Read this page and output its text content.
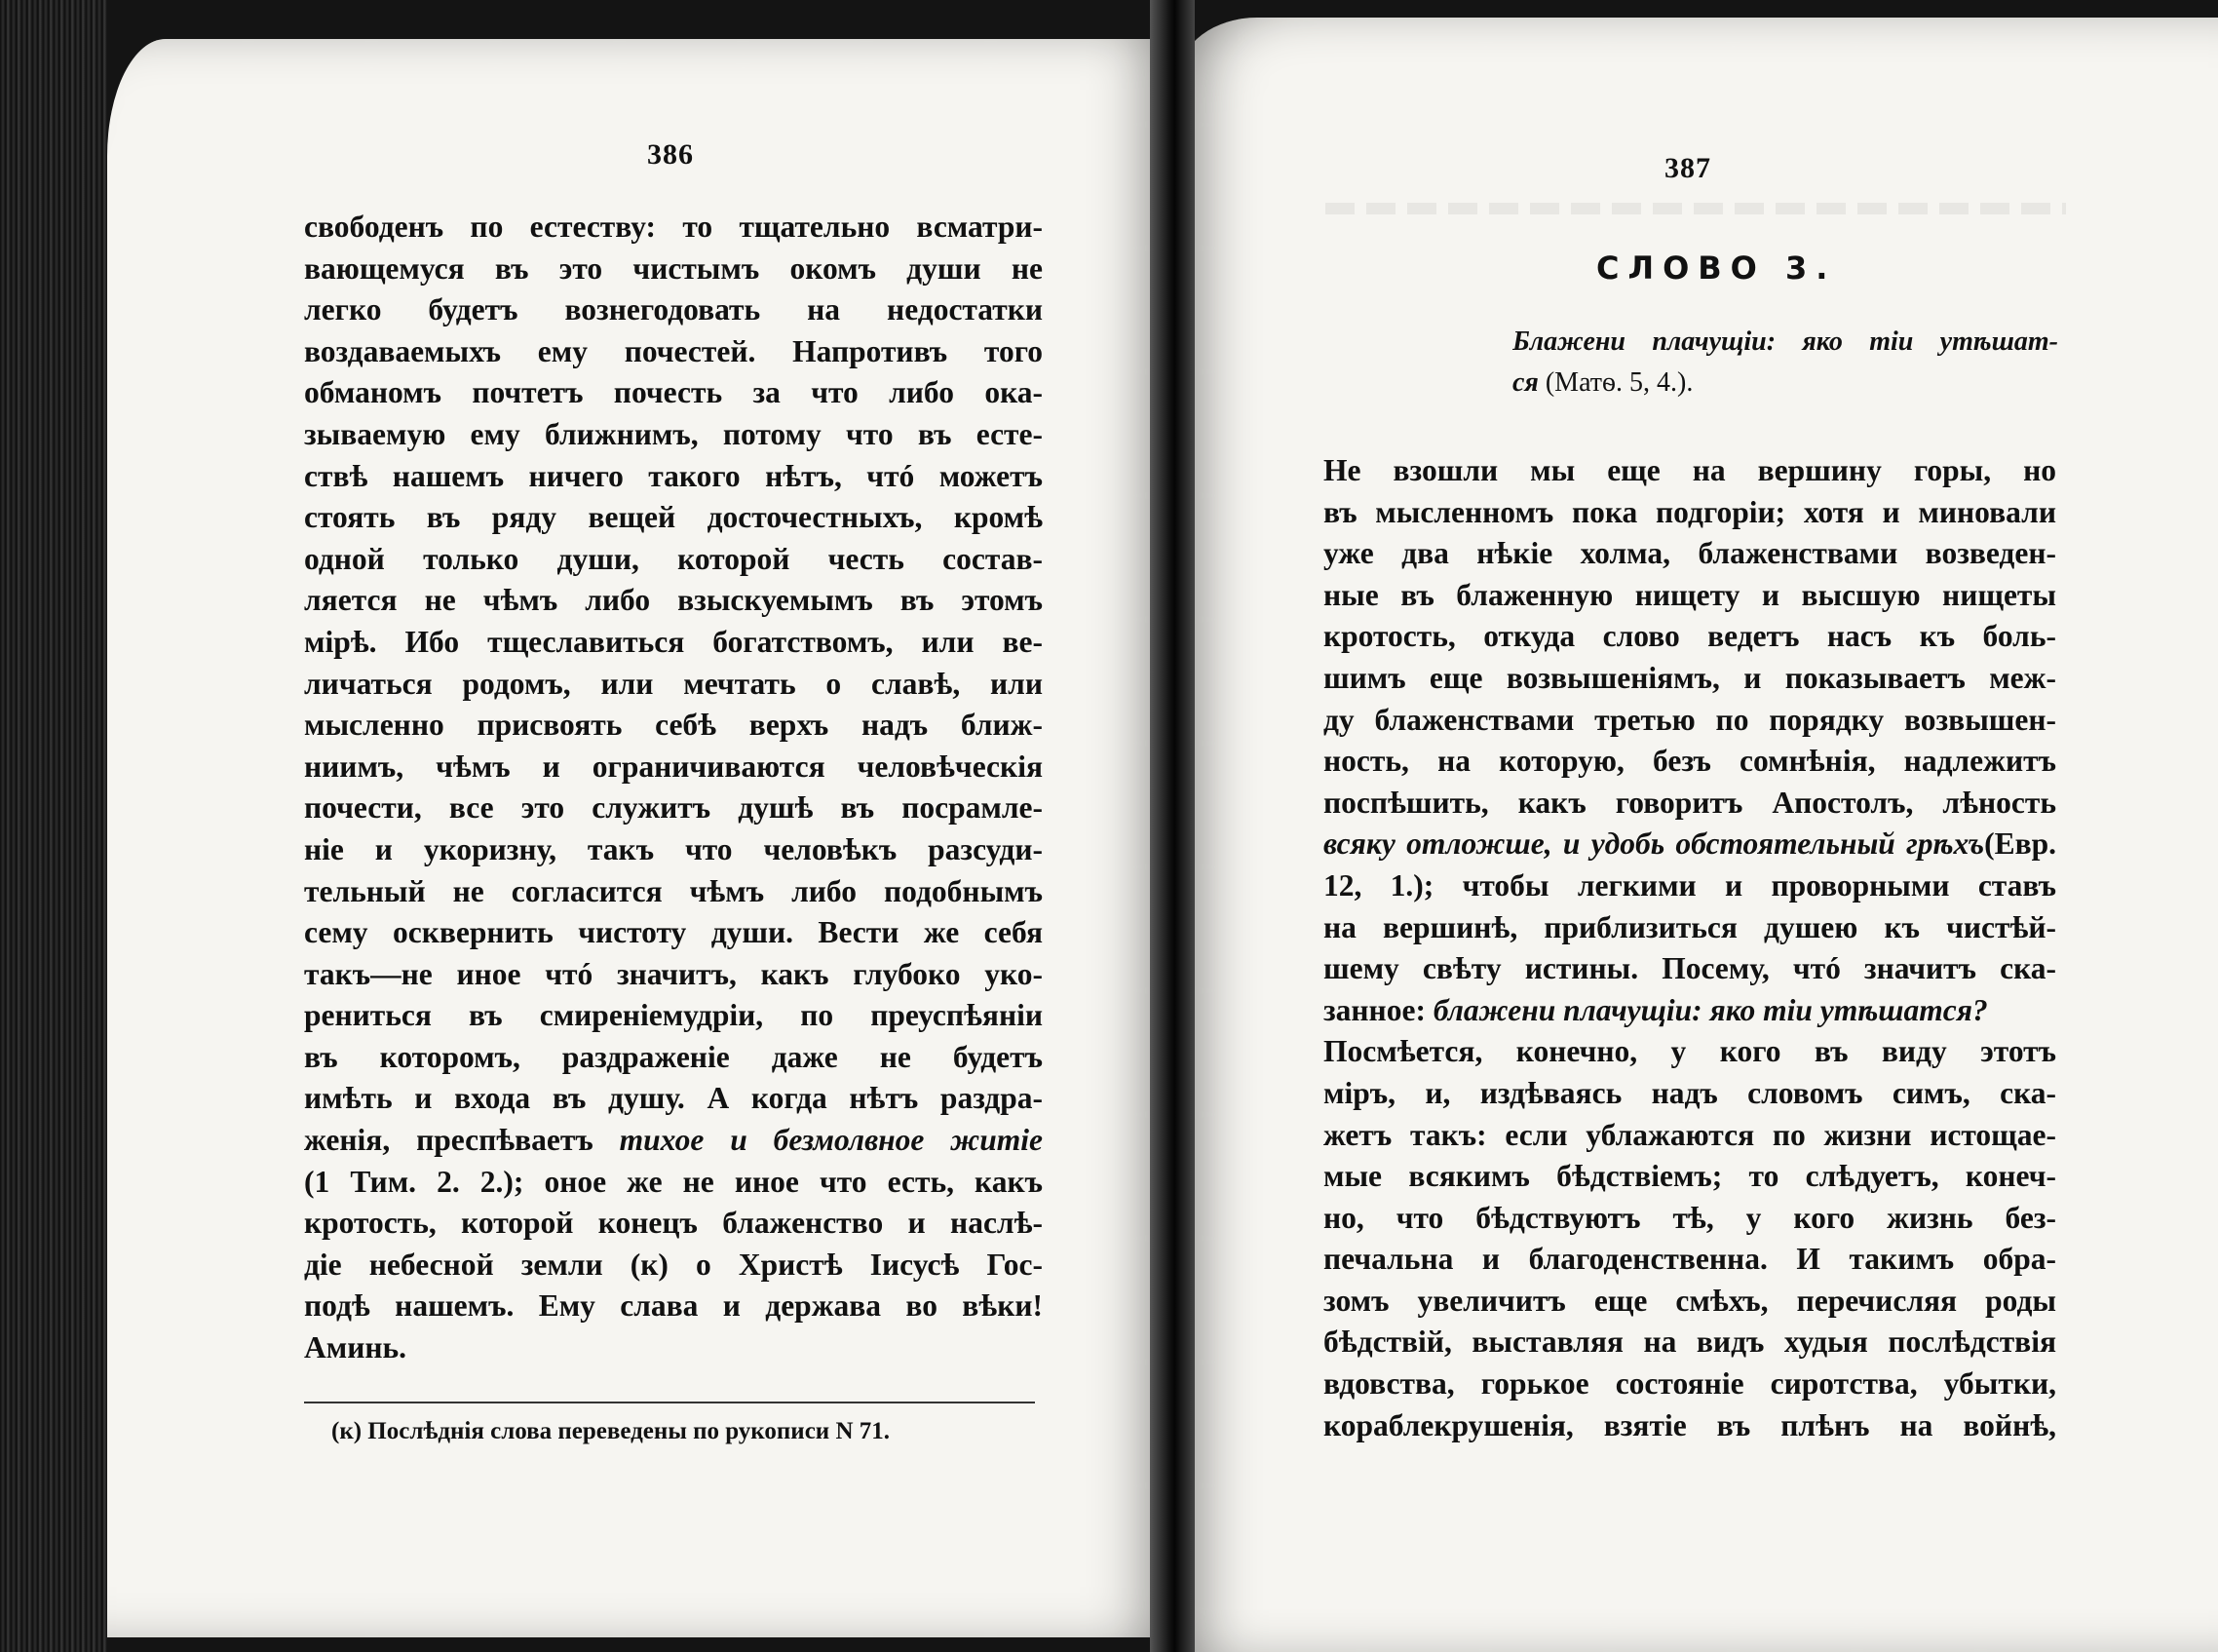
386	387
свободенъ по естеству: то тщательно всматри-
вающемуся въ это чистымъ окомъ души не
легко будетъ вознегодовать на недостатки
воздаваемыхъ ему почестей. Напротивъ того
обманомъ почтетъ почесть за что либо ока-
зываемую ему ближнимъ, потому что въ есте-
ствѣ нашемъ ничего такого нѣтъ, чтó можетъ
стоять въ ряду вещей досточестныхъ, кромѣ
одной только души, которой честь состав-
ляется не чѣмъ либо взыскуемымъ въ этомъ
мірѣ. Ибо тщеславиться богатствомъ, или ве-
личаться родомъ, или мечтать о славѣ, или
мысленно присвоять себѣ верхъ надъ ближ-
ниимъ, чѣмъ и ограничиваются человѣческія
почести, все это служитъ душѣ въ посрамле-
ніе и укоризну, такъ что человѣкъ разсуди-
тельный не согласится чѣмъ либо подобнымъ
сему осквернить чистоту души. Вести же себя
такъ—не иное чтó значитъ, какъ глубоко уко-
рениться въ смиреніемудріи, по преуспѣяніи
въ которомъ, раздраженіе даже не будетъ
имѣть и входа въ душу. А когда нѣтъ раздра-
женія, преспѣваетъ тихое и безмолвное житіе
(1 Тим. 2. 2.); оное же не иное что есть, какъ
кротость, которой конецъ блаженство и наслѣ-
діе небесной земли (к) о Христѣ Іисусѣ Гос-
подѣ нашемъ. Ему слава и держава во вѣки!
Аминь.
(к) Послѣднія слова переведены по рукописи N 71.
СЛОВО 3.
Блажени плачущіи: яко тіи утѣшат-
ся (Матѳ. 5, 4.).
Не взошли мы еще на вершину горы, но
въ мысленномъ пока подгоріи; хотя и миновали
уже два нѣкіе холма, блаженствами возведен-
ные въ блаженную нищету и высшую нищеты
кротость, откуда слово ведетъ насъ къ боль-
шимъ еще возвышеніямъ, и показываетъ меж-
ду блаженствами третью по порядку возвышен-
ность, на которую, безъ сомнѣнія, надлежитъ
поспѣшить, какъ говоритъ Апостолъ, лѣность
всяку отложше, и удобь обстоятельный грѣхъ(Евр.
12, 1.); чтобы легкими и проворными ставъ
на вершинѣ, приблизиться душею къ чистѣй-
шему свѣту истины. Посему, чтó значитъ ска-
занное: блажени плачущіи: яко тіи утѣшатся?
Посмѣется, конечно, у кого въ виду этотъ
міръ, и, издѣваясь надъ словомъ симъ, ска-
жетъ такъ: если ублажаются по жизни истощае-
мые всякимъ бѣдствіемъ; то слѣдуетъ, конеч-
но, что бѣдствуютъ тѣ, у кого жизнь без-
печальна и благоденственна. И такимъ обра-
зомъ увеличитъ еще смѣхъ, перечисляя роды
бѣдствій, выставляя на видъ худыя послѣдствія
вдовства, горькое состояніе сиротства, убытки,
кораблекрушенія, взятіе въ плѣнъ на войнѣ,
